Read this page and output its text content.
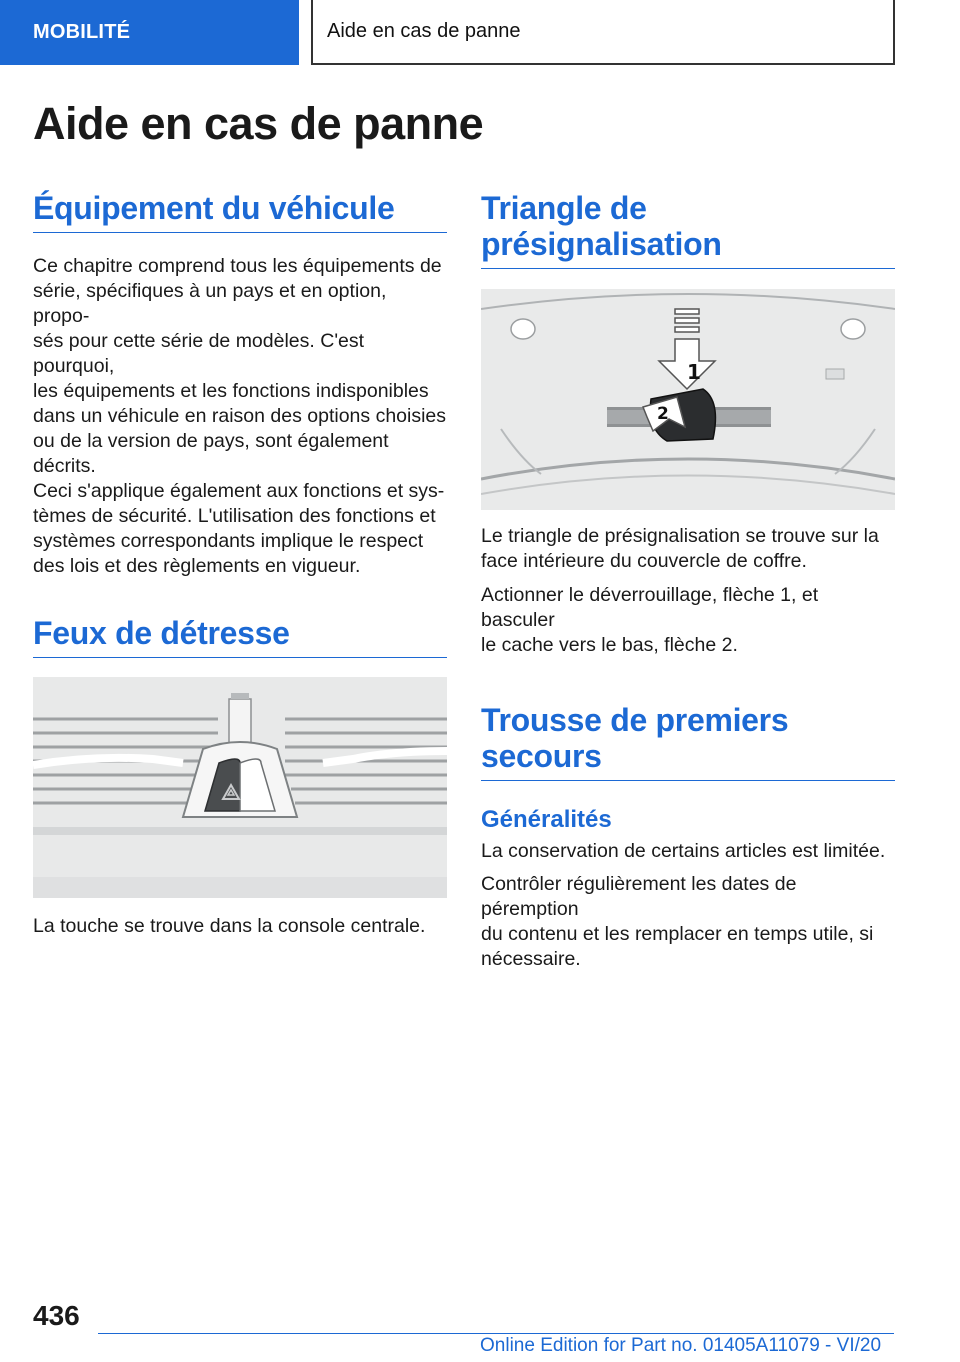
MOBILITÉ	Aide en cas de panne
Aide en cas de panne
Équipement du véhicule

Ce chapitre comprend tous les équipements de

série, spécifiques à un pays et en option, propo-

sés pour cette série de modèles. C'est pourquoi,

les équipements et les fonctions indisponibles

dans un véhicule en raison des options choisies

ou de la version de pays, sont également décrits.

Ceci s'applique également aux fonctions et sys-

tèmes de sécurité. L'utilisation des fonctions et

systèmes correspondants implique le respect

des lois et des règlements en vigueur.

Feux de détresse

La touche se trouve dans la console centrale.

Triangle de
présignalisation
1
2

Le triangle de présignalisation se trouve sur la

face intérieure du couvercle de coffre.

Actionner le déverrouillage, flèche 1, et basculer

le cache vers le bas, flèche 2.

Trousse de premiers
secours
Généralités

La conservation de certains articles est limitée.

Contrôler régulièrement les dates de péremption

du contenu et les remplacer en temps utile, si

nécessaire.

436
Online Edition for Part no. 01405A11079 - VI/20
